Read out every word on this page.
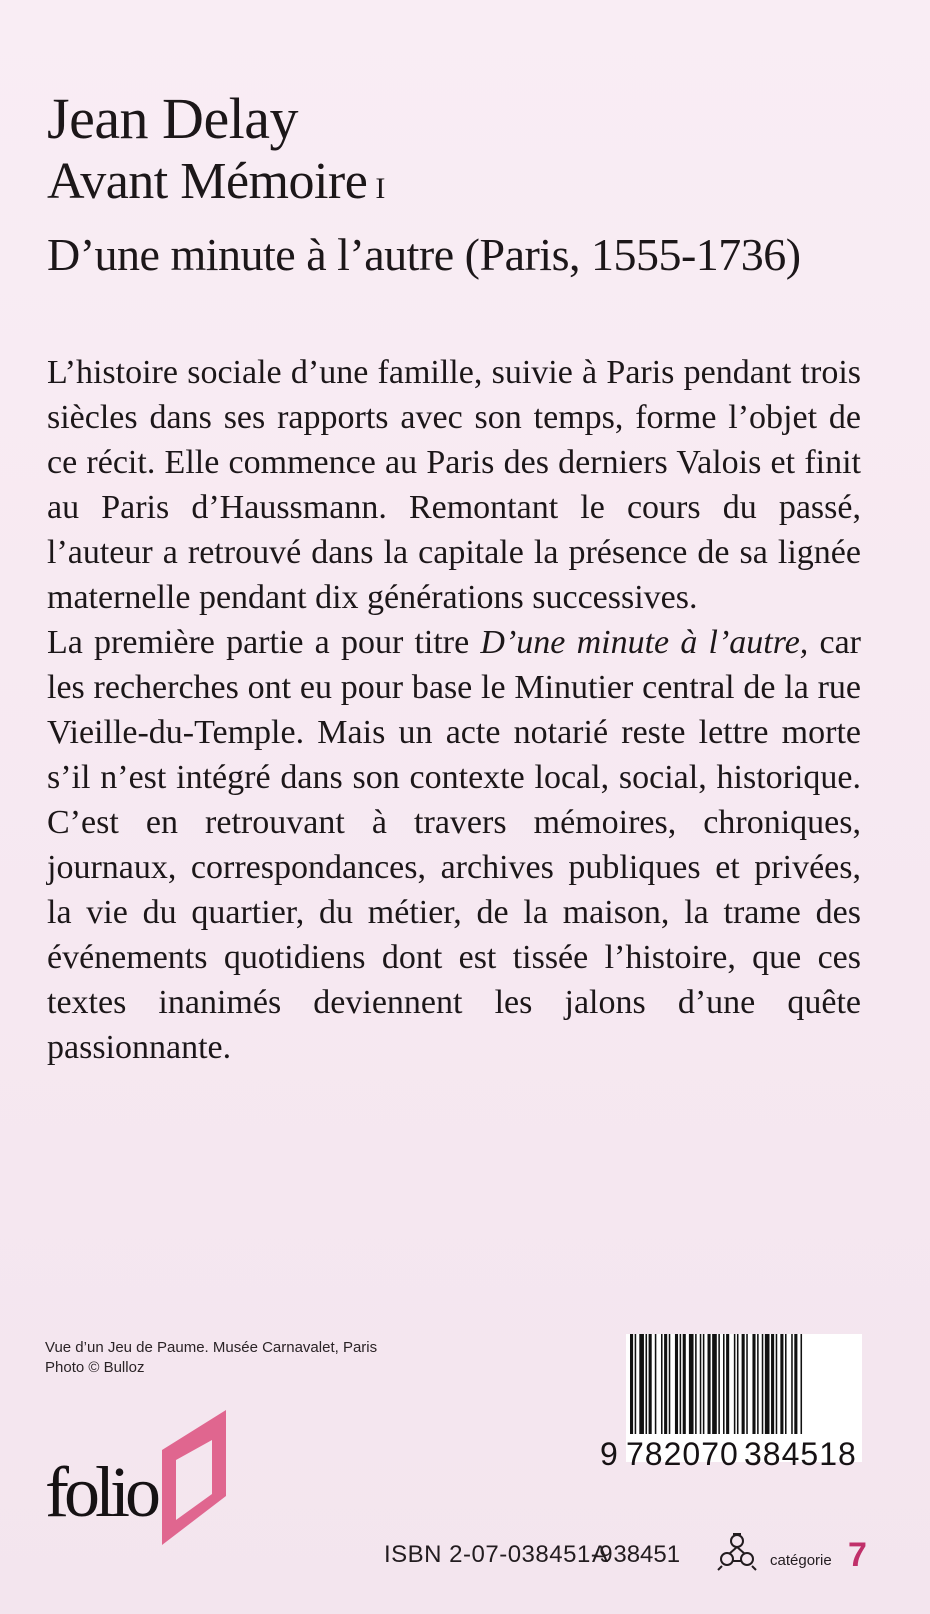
Jean Delay
Avant Mémoire I
D’une minute à l’autre (Paris, 1555-1736)

L’histoire sociale d’une famille, suivie à Paris pendant trois siècles dans ses rapports avec son temps, forme l’objet de ce récit. Elle commence au Paris des derniers Valois et finit au Paris d’Haussmann. Remontant le cours du passé, l’auteur a retrouvé dans la capitale la présence de sa lignée maternelle pendant dix générations successives.

La première partie a pour titre D’une minute à l’autre, car les recherches ont eu pour base le Minutier central de la rue Vieille-du-Temple. Mais un acte notarié reste lettre morte s’il n’est intégré dans son contexte local, social, historique. C’est en retrouvant à travers mémoires, chroniques, journaux, correspondances, archives publiques et privées, la vie du quartier, du métier, de la maison, la trame des événements quotidiens dont est tissée l’histoire, que ces textes inanimés deviennent les jalons d’une quête passionnante.

Vue d’un Jeu de Paume. Musée Carnavalet, Paris
Photo © Bulloz
folio	9 782070 384518
ISBN 2-07-038451-9
A 38451	catégorie 7
